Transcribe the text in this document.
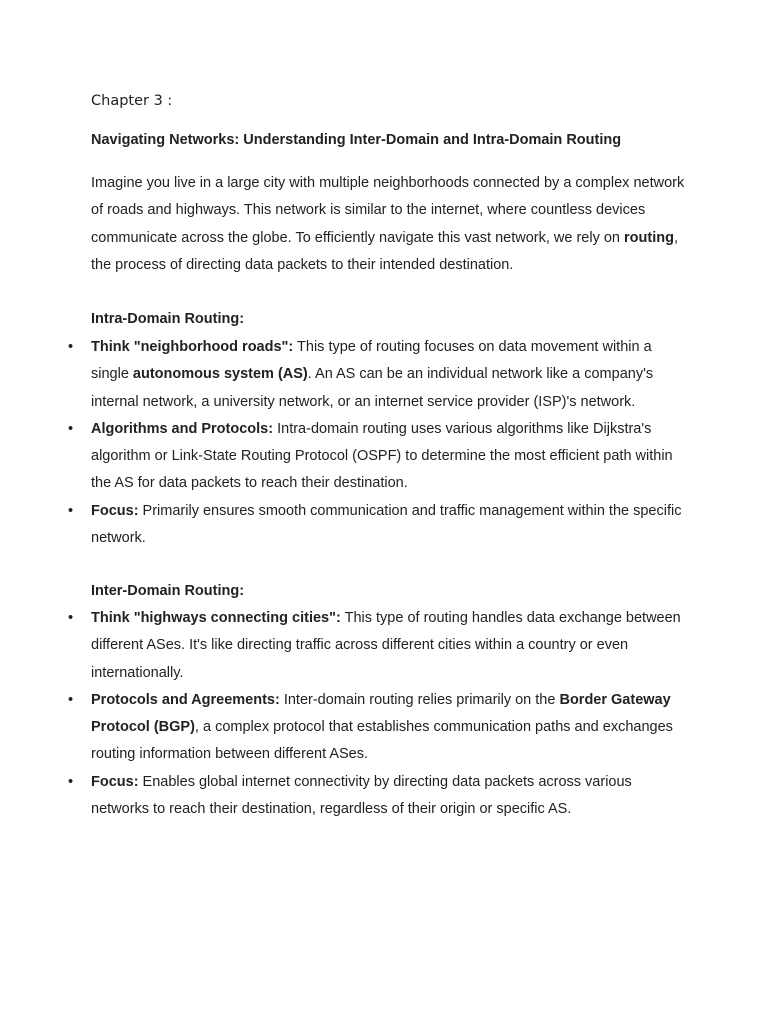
Chapter 3 :
Navigating Networks: Understanding Inter-Domain and Intra-Domain Routing

Imagine you live in a large city with multiple neighborhoods connected by a complex network of roads and highways. This network is similar to the internet, where countless devices communicate across the globe. To efficiently navigate this vast network, we rely on routing, the process of directing data packets to their intended destination.

Intra-Domain Routing:
• Think "neighborhood roads": This type of routing focuses on data movement within a single autonomous system (AS). An AS can be an individual network like a company's internal network, a university network, or an internet service provider (ISP)'s network.
• Algorithms and Protocols: Intra-domain routing uses various algorithms like Dijkstra's algorithm or Link-State Routing Protocol (OSPF) to determine the most efficient path within the AS for data packets to reach their destination.
• Focus: Primarily ensures smooth communication and traffic management within the specific network.
Inter-Domain Routing:
• Think "highways connecting cities": This type of routing handles data exchange between different ASes. It's like directing traffic across different cities within a country or even internationally.
• Protocols and Agreements: Inter-domain routing relies primarily on the Border Gateway Protocol (BGP), a complex protocol that establishes communication paths and exchanges routing information between different ASes.
• Focus: Enables global internet connectivity by directing data packets across various networks to reach their destination, regardless of their origin or specific AS.
